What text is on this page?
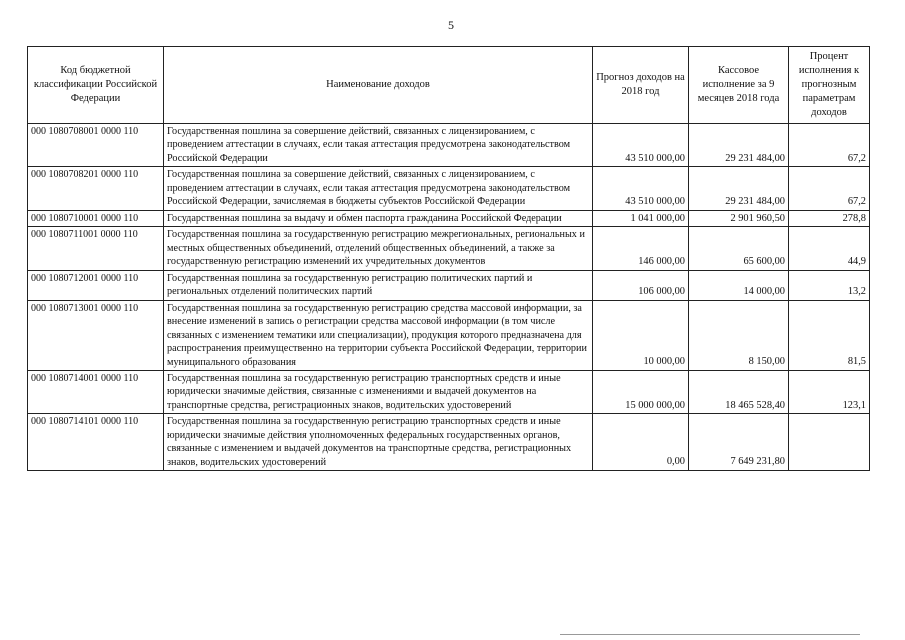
5
Код бюджетной классификации Российской Федерации	Наименование доходов	Прогноз доходов на 2018 год	Кассовое исполнение за 9 месяцев 2018 года	Процент исполнения к прогнозным параметрам доходов
000 1080708001 0000 110	Государственная пошлина за совершение действий, связанных с лицензированием, с проведением аттестации в случаях, если такая аттестация предусмотрена законодательством Российской Федерации	43 510 000,00	29 231 484,00	67,2
000 1080708201 0000 110	Государственная пошлина за совершение действий, связанных с лицензированием, с проведением аттестации в случаях, если такая аттестация предусмотрена законодательством Российской Федерации, зачисляемая в бюджеты субъектов Российской Федерации	43 510 000,00	29 231 484,00	67,2
000 1080710001 0000 110	Государственная пошлина за выдачу и обмен паспорта гражданина Российской Федерации	1 041 000,00	2 901 960,50	278,8
000 1080711001 0000 110	Государственная пошлина за государственную регистрацию межрегиональных, региональных и местных общественных объединений, отделений общественных объединений, а также за государственную регистрацию изменений их учредительных документов	146 000,00	65 600,00	44,9
000 1080712001 0000 110	Государственная пошлина за государственную регистрацию политических партий и региональных отделений политических партий	106 000,00	14 000,00	13,2
000 1080713001 0000 110	Государственная пошлина за государственную регистрацию средства массовой информации, за внесение изменений в запись о регистрации средства массовой информации (в том числе связанных с изменением тематики или специализации), продукция которого предназначена для распространения преимущественно на территории субъекта Российской Федерации, территории муниципального образования	10 000,00	8 150,00	81,5
000 1080714001 0000 110	Государственная пошлина за государственную регистрацию транспортных средств и иные юридически значимые действия, связанные с изменениями и выдачей документов на транспортные средства, регистрационных знаков, водительских удостоверений	15 000 000,00	18 465 528,40	123,1
000 1080714101 0000 110	Государственная пошлина за государственную регистрацию транспортных средств и иные юридически значимые действия уполномоченных федеральных государственных органов, связанные с изменением и выдачей документов на транспортные средства, регистрационных знаков, водительских удостоверений	0,00	7 649 231,80	
